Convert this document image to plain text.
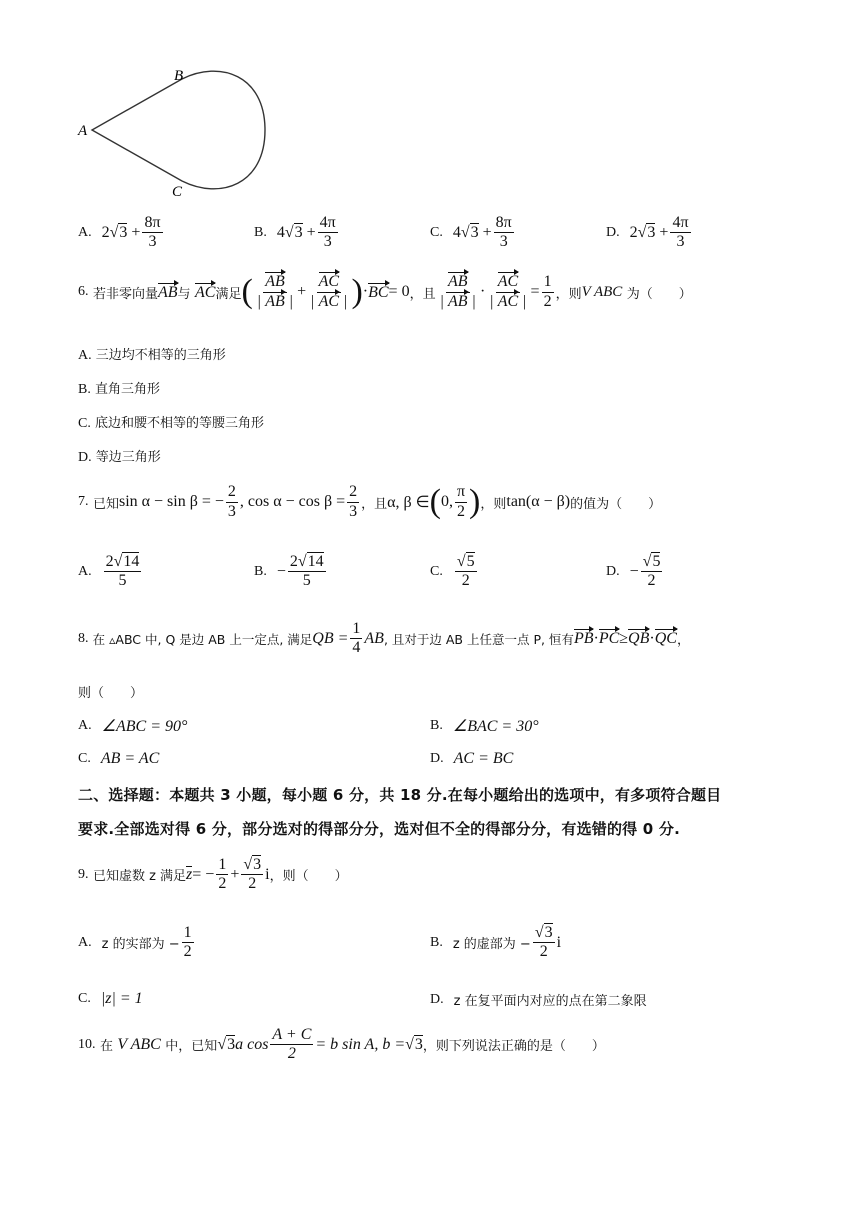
A
B
C
A. 2 √ $3 + \frac{8\pi}{3}$	B. 4 √ $3 + \frac{4\pi}{3}$	C. 4 √ $3 + \frac{8\pi}{3}$	D. 2 √ $3 + \frac{4\pi}{3}$
6.
若非零向量 AB 与
AC 满足 ( $\frac{AB}{| AB |} + \frac{AC}{| AC |}$ ) · BC = 0 ，且 $\frac{AB}{| AB |} \cdot \frac{AC}{| AC |} = \frac{1}{2}$ ，则 V ABC
为（　　）
A. 三边均不相等的三角形
B. 直角三角形
C. 底边和腰不相等的等腰三角形
D. 等边三角形
7.
已知 sin α − sin β = − $\frac{2}{3}$ , $\cos \alpha - \cos \beta = \frac{2}{3}$ ，且 α, β ∈ ( 0, $\frac{\pi}{2}$ ) ，则 tan(α − β) 的值为（　　）
A. $\frac{2√14}{5}$	B. − $\frac{2√14}{5}$	C. $\frac{√5}{2}$	D. − $\frac{√5}{2}$
8.
在 ▵ABC 中, Q 是边 AB 上一定点, 满足 QB = $\frac{1}{4}$ AB , 且对于边 AB 上任意一点 P, 恒有 PB · PC ≥ QB · QC ，
则（　　）
A. ∠ABC = 90°	B. ∠BAC = 30°
C. AB = AC	D. AC = BC
二、选择题：本题共 3 小题，每小题 6 分，共 18 分.在每小题给出的选项中，有多项符合题目
要求.全部选对得 6 分，部分选对的得部分分，选对但不全的得部分分，有选错的得 0 分.
9.
已知虚数 z 满足 z = − $\frac{1}{2} + \frac{√3}{2}$ i ，则（　　）
A. z 的实部为 − $\frac{1}{2}$	B. z 的虚部为 − $\frac{√3}{2}$ i
C. |z| = 1	D. z 在复平面内对应的点在第二象限
10.
在
V ABC
中，已知 √ 3 a $\cos \frac{A + C}{2} = b$ sin A, b = √ 3 ，则下列说法正确的是（　　）
